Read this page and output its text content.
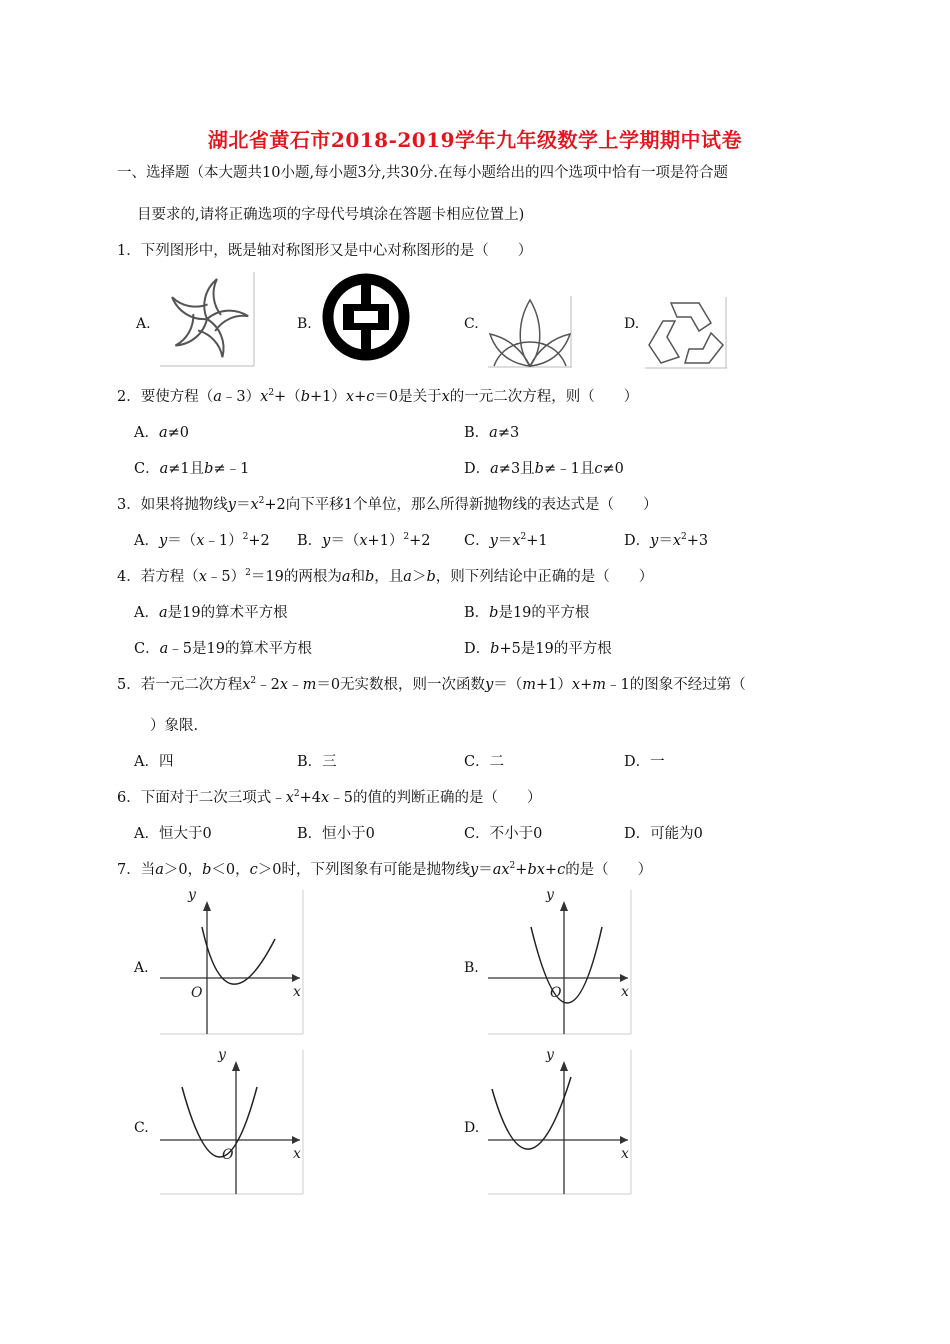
湖北省黄石市2018-2019学年九年级数学上学期期中试卷
一、选择题（本大题共10小题,每小题3分,共30分.在每小题给出的四个选项中恰有一项是符合题
目要求的,请将正确选项的字母代号填涂在答题卡相应位置上)
1．下列图形中，既是轴对称图形又是中心对称图形的是（　　）
A.	B.	C.	D.
2．要使方程$(a﹣3)x^2+(b+1)x+c=0$是关于x的一元二次方程，则（　　）
A．a≠0	B．a≠3
C．a≠1且b≠﹣1	D．a≠3且b≠﹣1且c≠0
3．如果将抛物线$y=x^2+2$向下平移1个单位，那么所得新抛物线的表达式是（　　）
A．y＝（x﹣1）$^2$+2 B．$y=(x+1)^2+2$ C．$y=x^2+1$	D．$y=x^2+3$
4．若方程（x﹣5）$^2$＝19的两根为a和b，且a＞b，则下列结论中正确的是（　　）
A．a是19的算术平方根	B．b是19的平方根
C．a﹣5是19的算术平方根	D．b+5是19的平方根
5．若一元二次方程$x^2﹣2x﹣m=0$无实数根，则一次函数y＝（m+1）x+m﹣1的图象不经过第（
）象限.
A．四	B．三	C．二	D．一
6．下面对于二次三项式$﹣x^2+4x﹣5$的值的判断正确的是（　　）
A．恒大于0	B．恒小于0	C．不小于0	D．可能为0
7．当a＞0，b＜0，c＞0时，下列图象有可能是抛物线$y=ax^2+bx+c$的是（　　）
A.
y
x
O
B.
y
x
O
C.
y
x
O
D.
y
x
